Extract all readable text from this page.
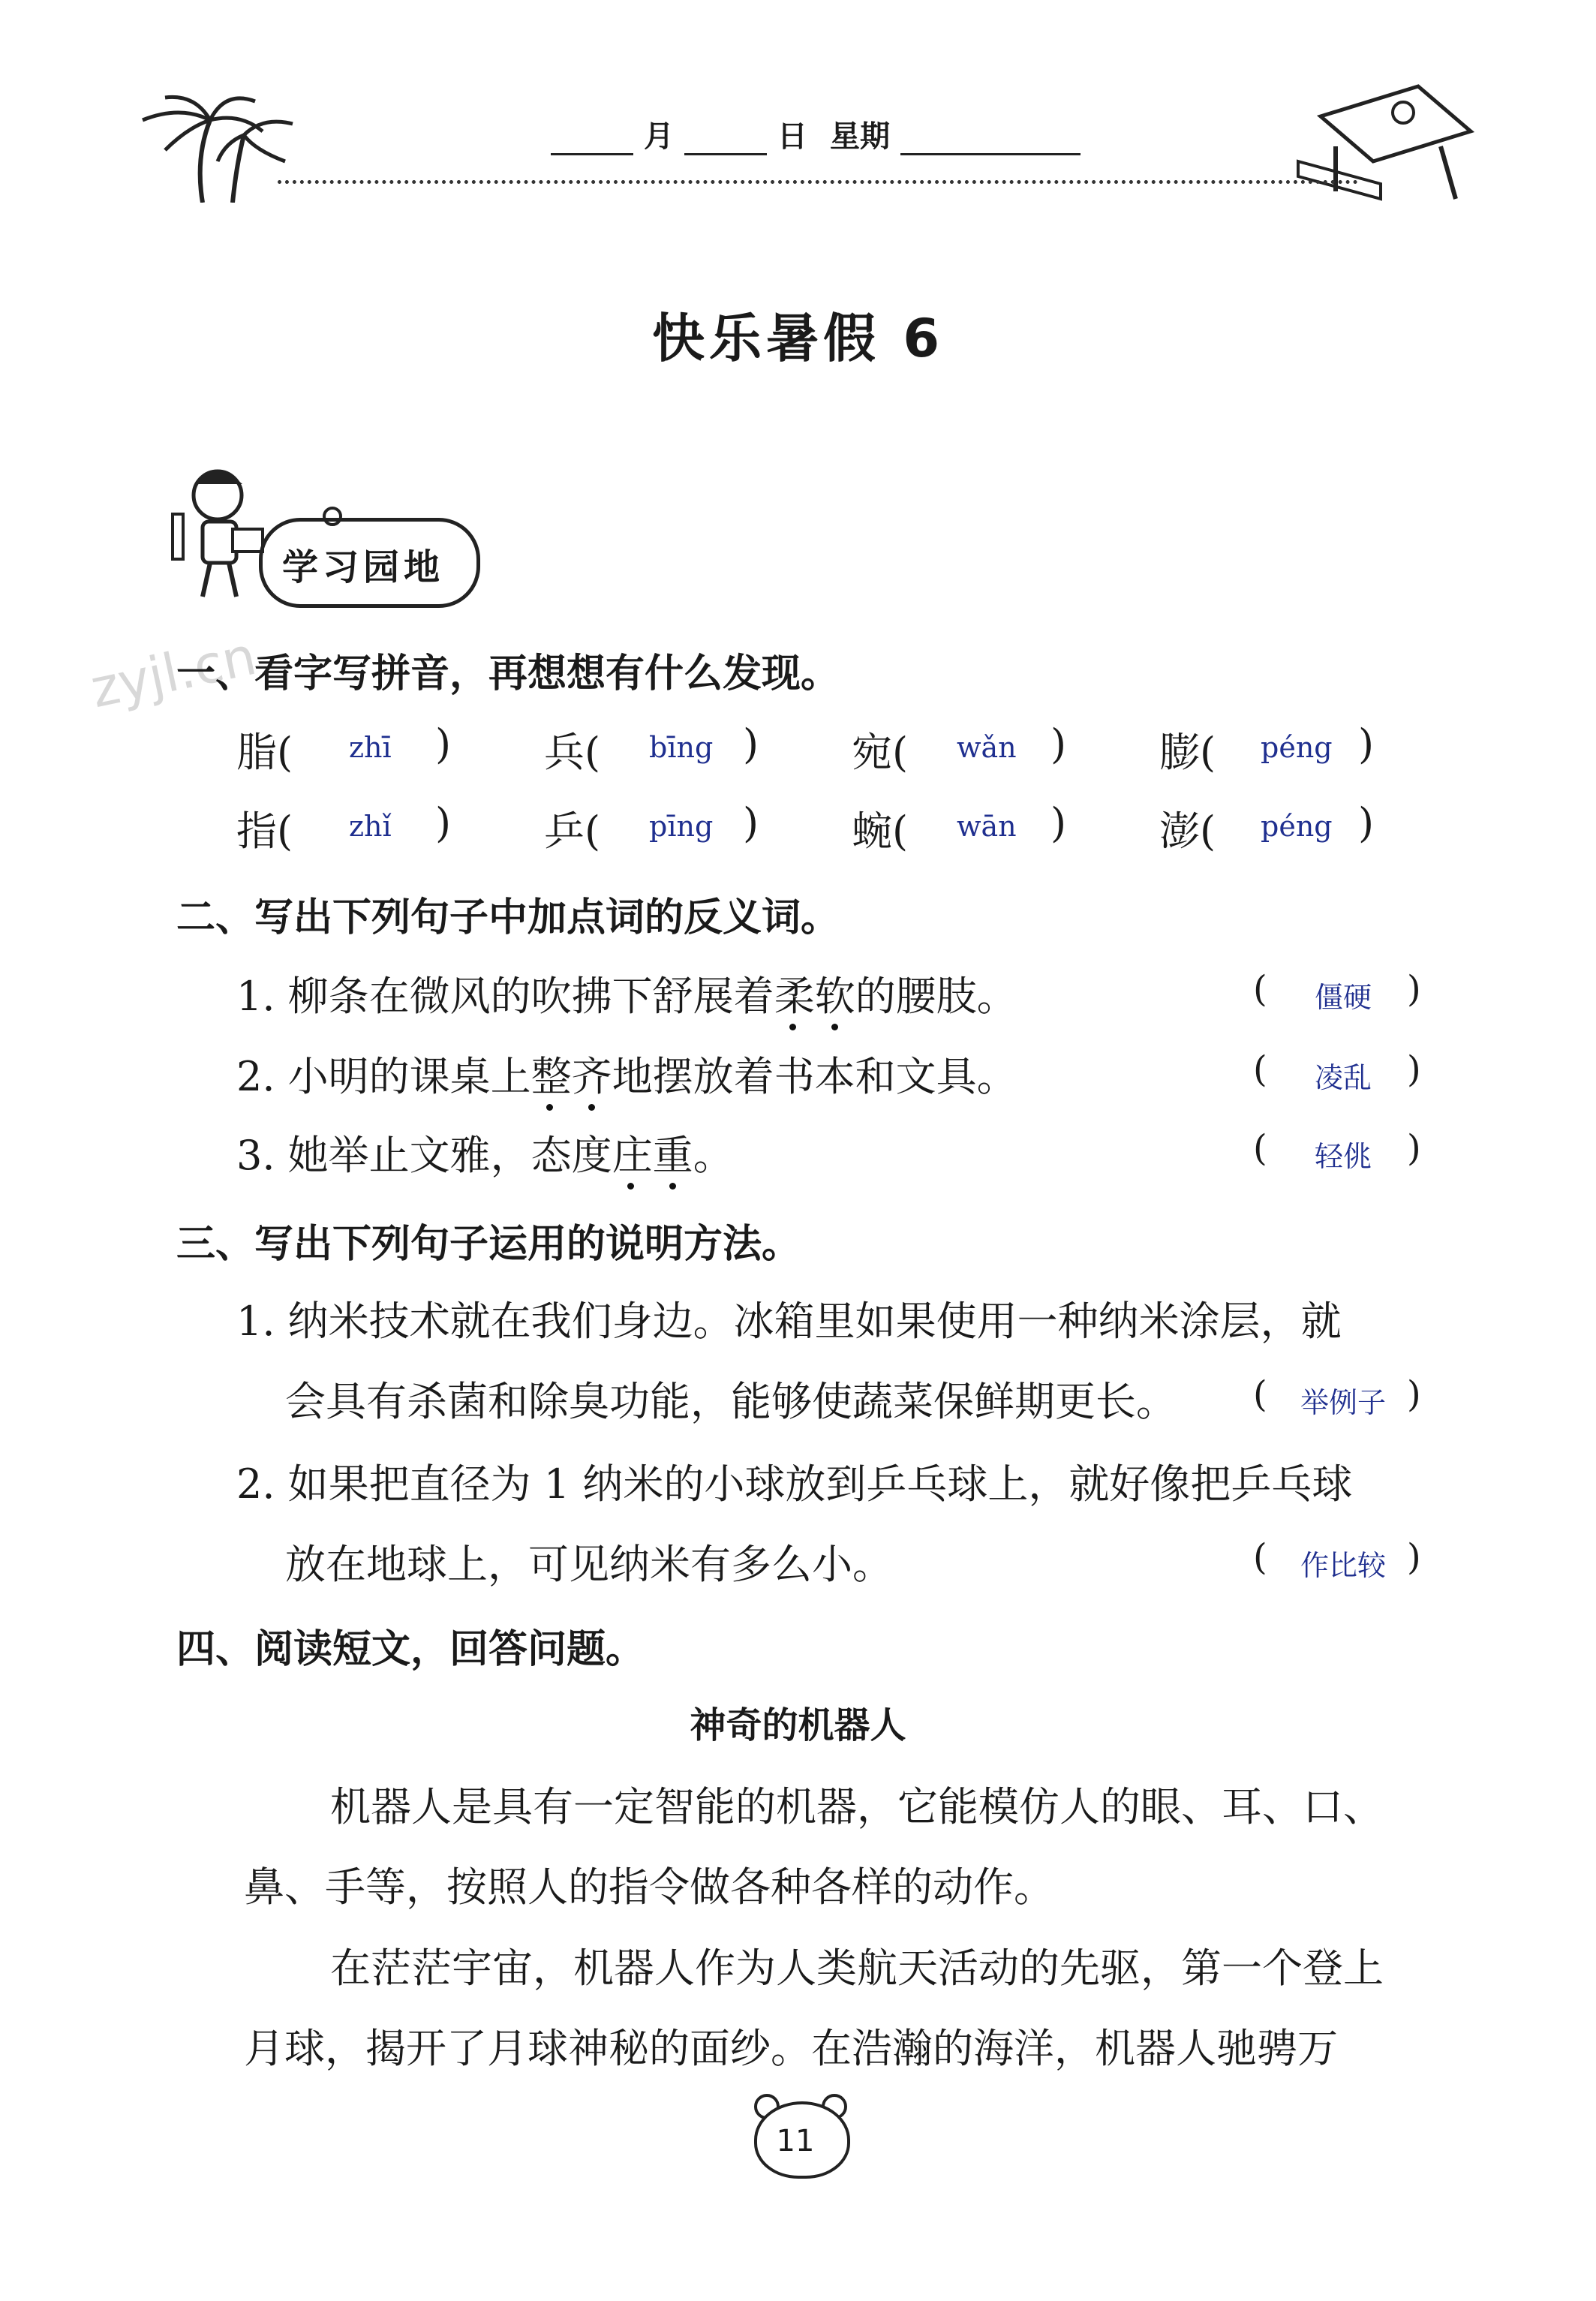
月	日 星期
快乐暑假 6
学习园地
zyjl.cn
一、看字写拼音，再想想有什么发现。
脂( zhī	) 兵( bīng ) 宛( wǎn ) 膨( péng )
指( zhǐ	) 乒( pīng ) 蜿( wān ) 澎( péng )
二、写出下列句子中加点词的反义词。
1. 柳条在微风的吹拂下舒展着柔软
的腰肢。	(	僵硬 )
2. 小明的课桌上整齐
地摆放着书本和文具。	(	凌乱 )
3. 她举止文雅，态度庄重
。	(	轻佻 )
三、写出下列句子运用的说明方法。
1. 纳米技术就在我们身边。冰箱里如果使用一种纳米涂层，就
会具有杀菌和除臭功能，能够使蔬菜保鲜期更长。 (	举例子 )
2. 如果把直径为 1 纳米的小球放到乒乓球上，就好像把乒乓球
放在地球上，可见纳米有多么小。	(	作比较 )
四、阅读短文，回答问题。
神奇的机器人
机器人是具有一定智能的机器，它能模仿人的眼、耳、口、
鼻、手等，按照人的指令做各种各样的动作。
在茫茫宇宙，机器人作为人类航天活动的先驱，第一个登上
月球，揭开了月球神秘的面纱。在浩瀚的海洋，机器人驰骋万
11
